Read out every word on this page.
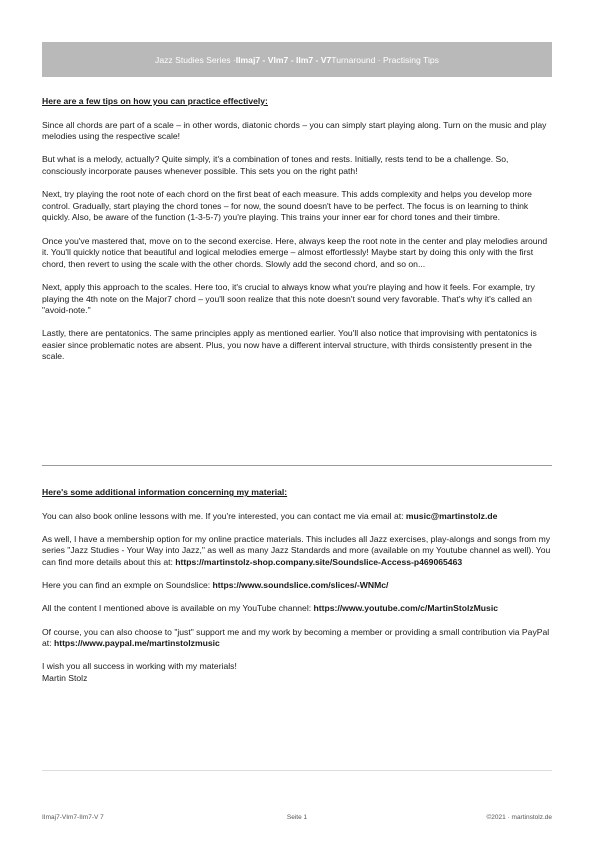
Jazz Studies Series · IImaj7 - VIm7 - IIm7 - V7 Turnaround · Practising Tips

Here are a few tips on how you can practice effectively:

Since all chords are part of a scale – in other words, diatonic chords – you can simply start playing along. Turn on the music and play melodies using the respective scale!

But what is a melody, actually? Quite simply, it's a combination of tones and rests. Initially, rests tend to be a challenge. So, consciously incorporate pauses whenever possible. This sets you on the right path!

Next, try playing the root note of each chord on the first beat of each measure. This adds complexity and helps you develop more control. Gradually, start playing the chord tones – for now, the sound doesn't have to be perfect. The focus is on learning to think quickly. Also, be aware of the function (1-3-5-7) you're playing. This trains your inner ear for chord tones and their timbre.

Once you've mastered that, move on to the second exercise. Here, always keep the root note in the center and play melodies around it. You'll quickly notice that beautiful and logical melodies emerge – almost effortlessly! Maybe start by doing this only with the first chord, then revert to using the scale with the other chords. Slowly add the second chord, and so on...

Next, apply this approach to the scales. Here too, it's crucial to always know what you're playing and how it feels. For example, try playing the 4th note on the Major7 chord – you'll soon realize that this note doesn't sound very favorable. That's why it's called an "avoid-note."

Lastly, there are pentatonics. The same principles apply as mentioned earlier. You'll also notice that improvising with pentatonics is easier since problematic notes are absent. Plus, you now have a different interval structure, with thirds consistently present in the scale.

Here's some additional information concerning my material:

You can also book online lessons with me. If you're interested, you can contact me via email at: music@martinstolz.de

As well, I have a membership option for my online practice materials. This includes all Jazz exercises, play-alongs and songs from my series "Jazz Studies - Your Way into Jazz," as well as many Jazz Standards and more (available on my Youtube channel as well). You can find more details about this at: https://martinstolz-shop.company.site/Soundslice-Access-p469065463

Here you can find an exmple on Soundslice: https://www.soundslice.com/slices/-WNMc/

All the content I mentioned above is available on my YouTube channel: https://www.youtube.com/c/MartinStolzMusic

Of course, you can also choose to "just" support me and my work by becoming a member or providing a small contribution via PayPal at: https://www.paypal.me/martinstolzmusic

I wish you all success in working with my materials!

Martin Stolz

IImaj7-VIm7-IIm7-V 7	Seite 1	©2021 · martinstolz.de
